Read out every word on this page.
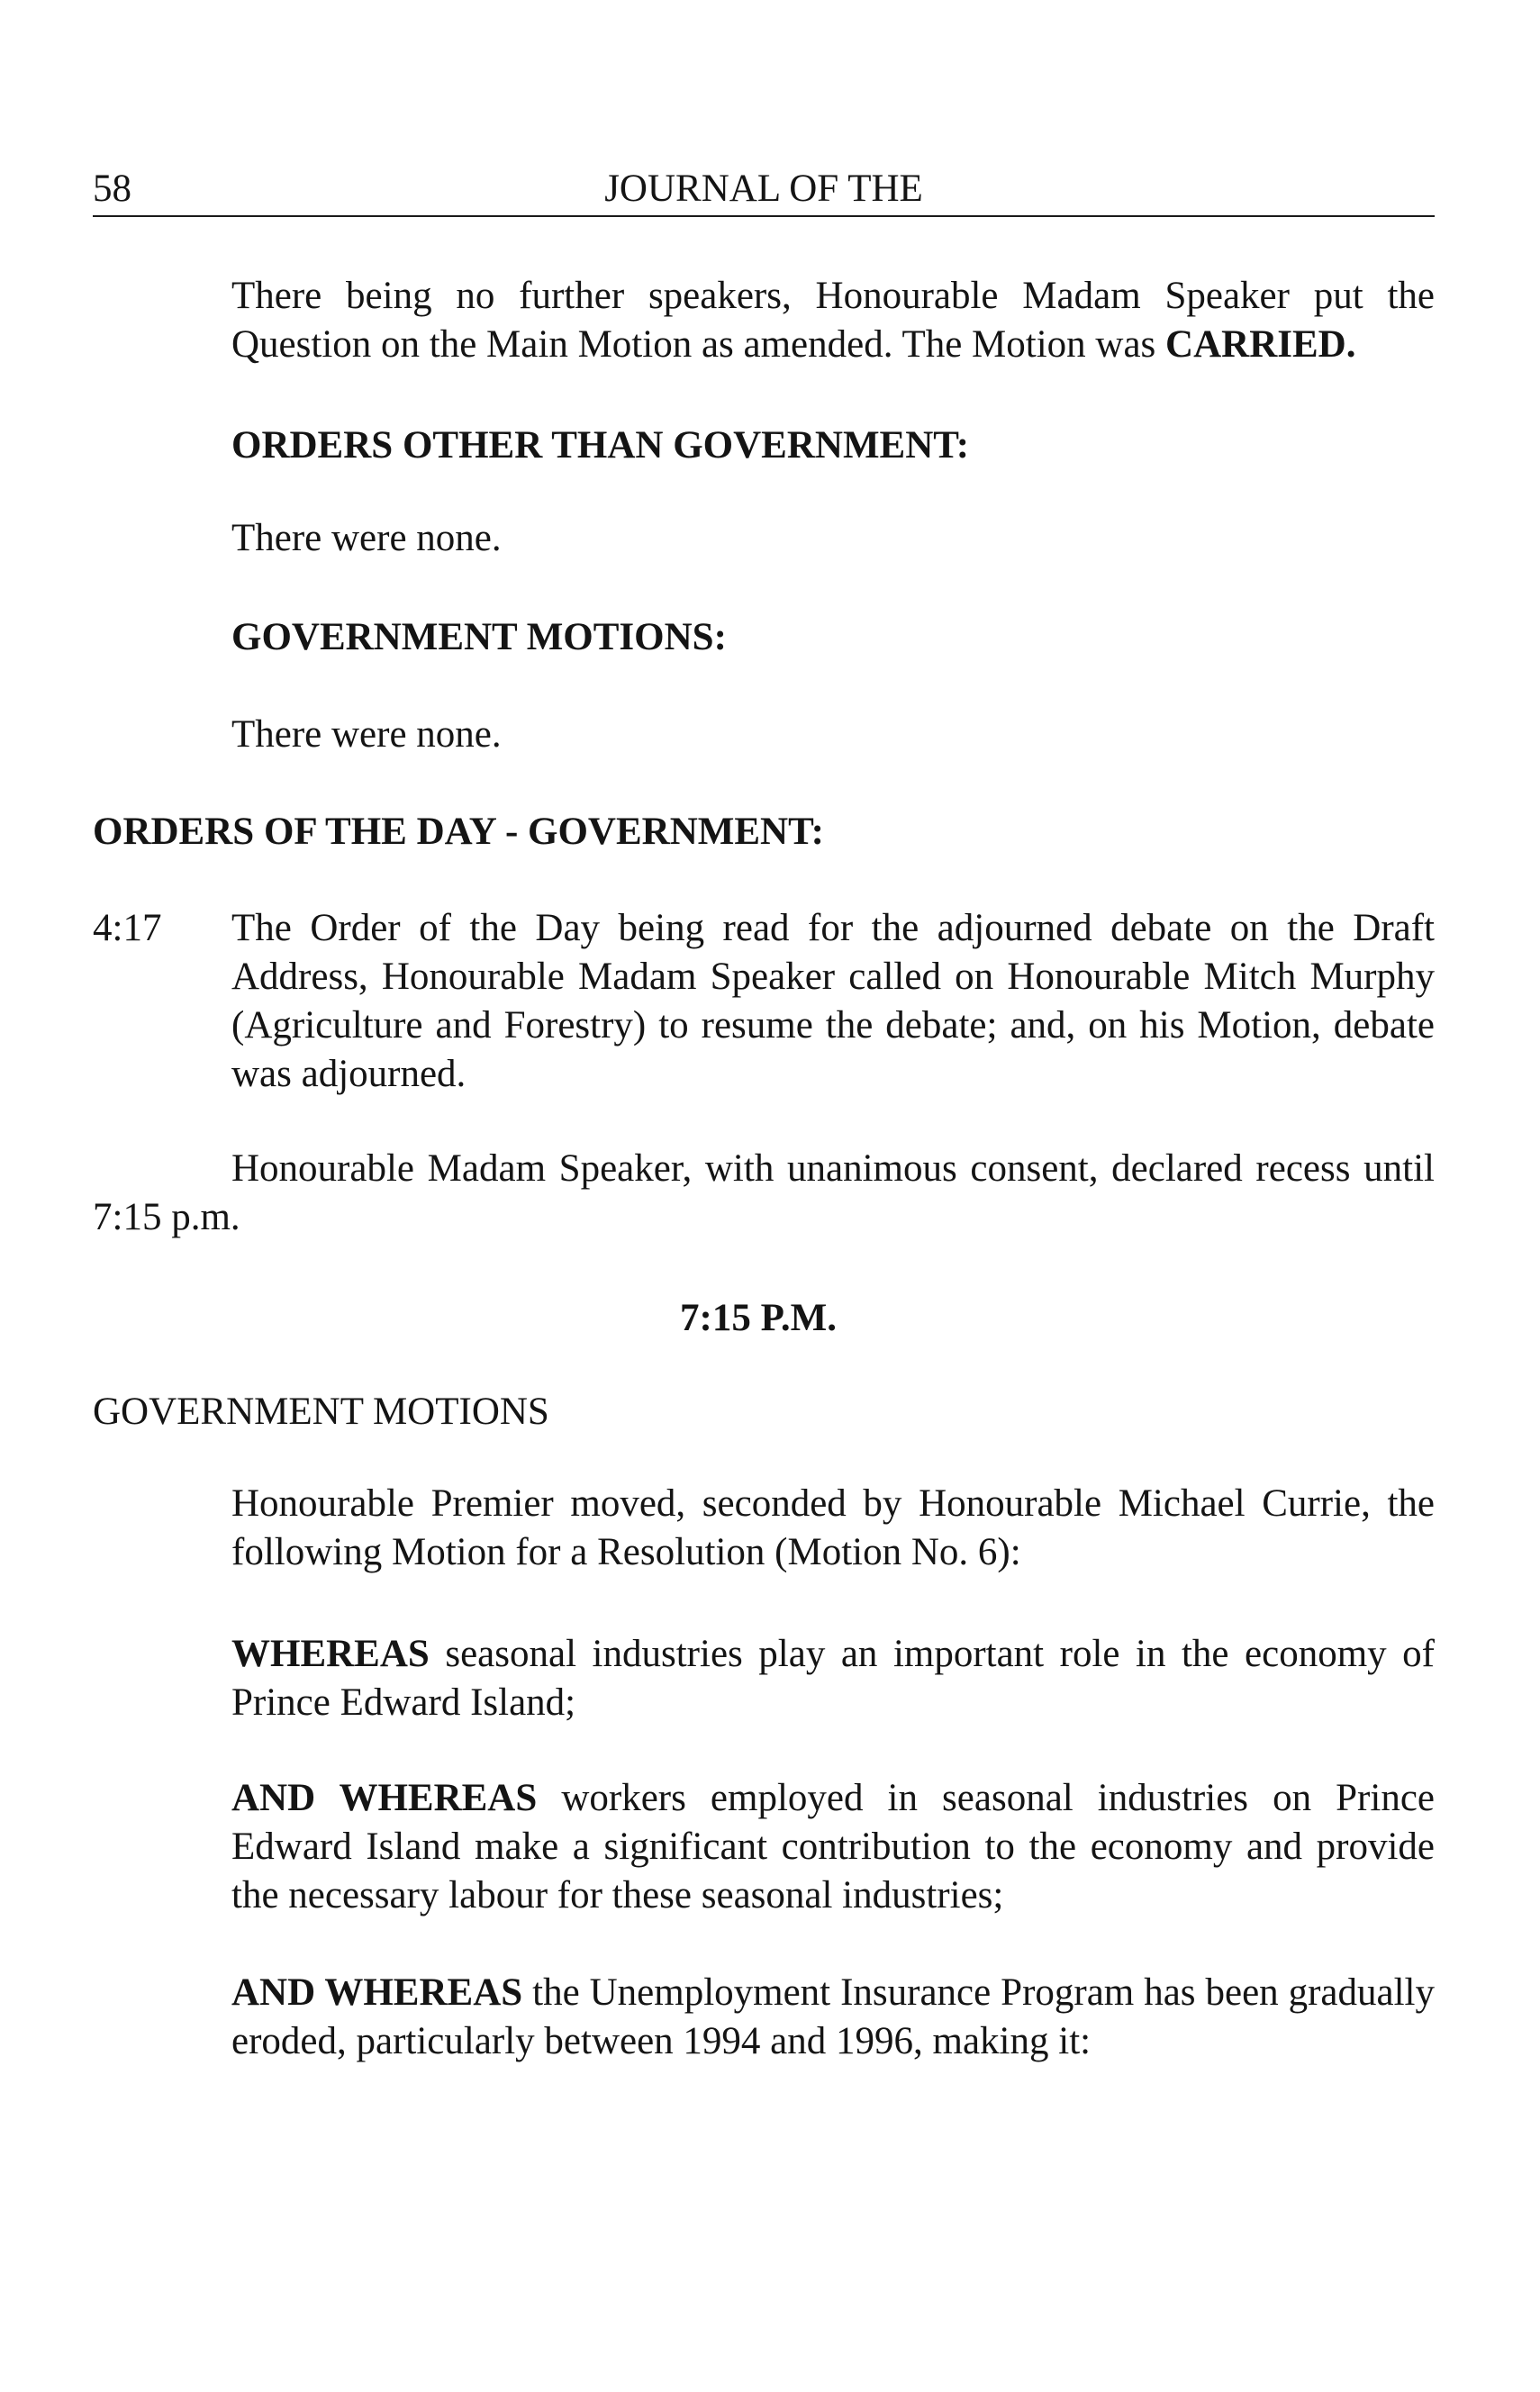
58	JOURNAL OF THE

There being no further speakers, Honourable Madam Speaker put the Question on the Main Motion as amended. The Motion was CARRIED.

ORDERS OTHER THAN GOVERNMENT:

There were none.

GOVERNMENT MOTIONS:

There were none.

ORDERS OF THE DAY - GOVERNMENT:

4:17 The Order of the Day being read for the adjourned debate on the Draft Address, Honourable Madam Speaker called on Honourable Mitch Murphy (Agriculture and Forestry) to resume the debate; and, on his Motion, debate was adjourned.

Honourable Madam Speaker, with unanimous consent, declared recess until

7:15 p.m.

7:15 P.M.

GOVERNMENT MOTIONS

Honourable Premier moved, seconded by Honourable Michael Currie, the following Motion for a Resolution (Motion No. 6):

WHEREAS seasonal industries play an important role in the economy of Prince Edward Island;

AND WHEREAS workers employed in seasonal industries on Prince Edward Island make a significant contribution to the economy and provide the necessary labour for these seasonal industries;

AND WHEREAS the Unemployment Insurance Program has been gradually eroded, particularly between 1994 and 1996, making it:
